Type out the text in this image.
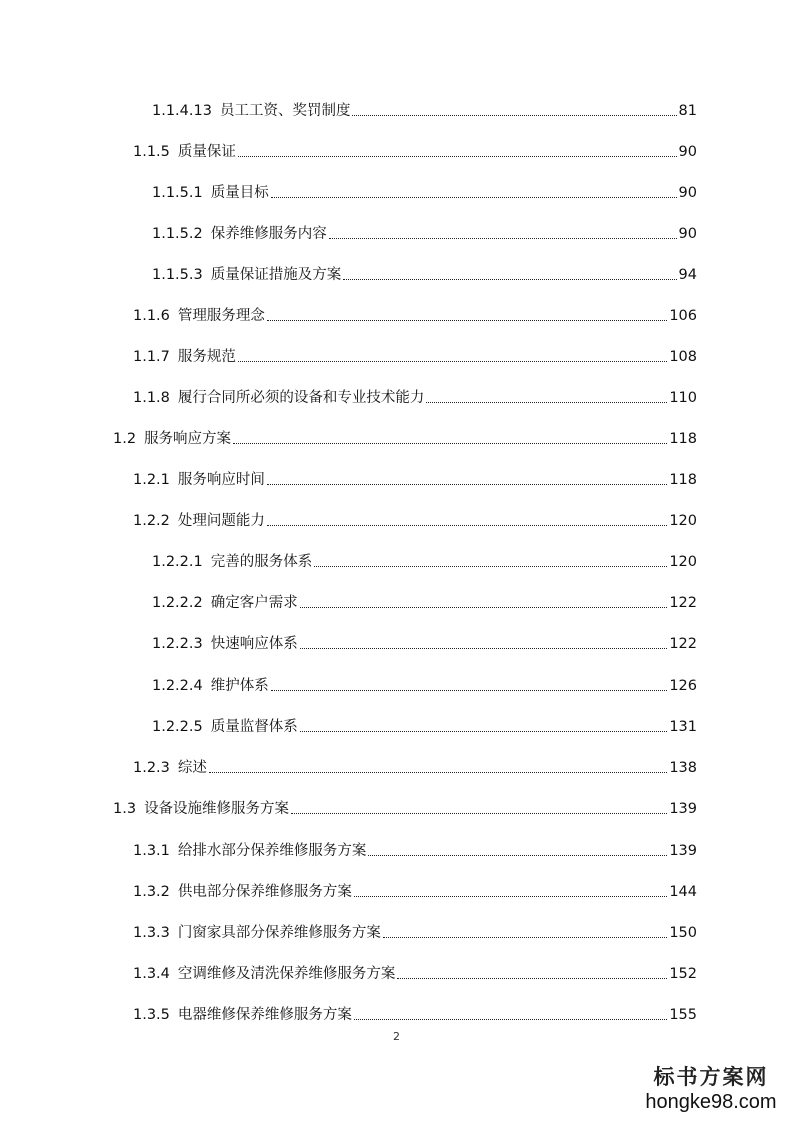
1.1.4.13 员工工资、奖罚制度	81
1.1.5 质量保证	90
1.1.5.1 质量目标	90
1.1.5.2 保养维修服务内容	90
1.1.5.3 质量保证措施及方案	94
1.1.6 管理服务理念	106
1.1.7 服务规范	108
1.1.8 履行合同所必须的设备和专业技术能力	110
1.2 服务响应方案	118
1.2.1 服务响应时间	118
1.2.2 处理问题能力	120
1.2.2.1 完善的服务体系	120
1.2.2.2 确定客户需求	122
1.2.2.3 快速响应体系	122
1.2.2.4 维护体系	126
1.2.2.5 质量监督体系	131
1.2.3 综述	138
1.3 设备设施维修服务方案	139
1.3.1 给排水部分保养维修服务方案	139
1.3.2 供电部分保养维修服务方案	144
1.3.3 门窗家具部分保养维修服务方案	150
1.3.4 空调维修及清洗保养维修服务方案	152
1.3.5 电器维修保养维修服务方案	155
2
标书方案网
hongke98.com
